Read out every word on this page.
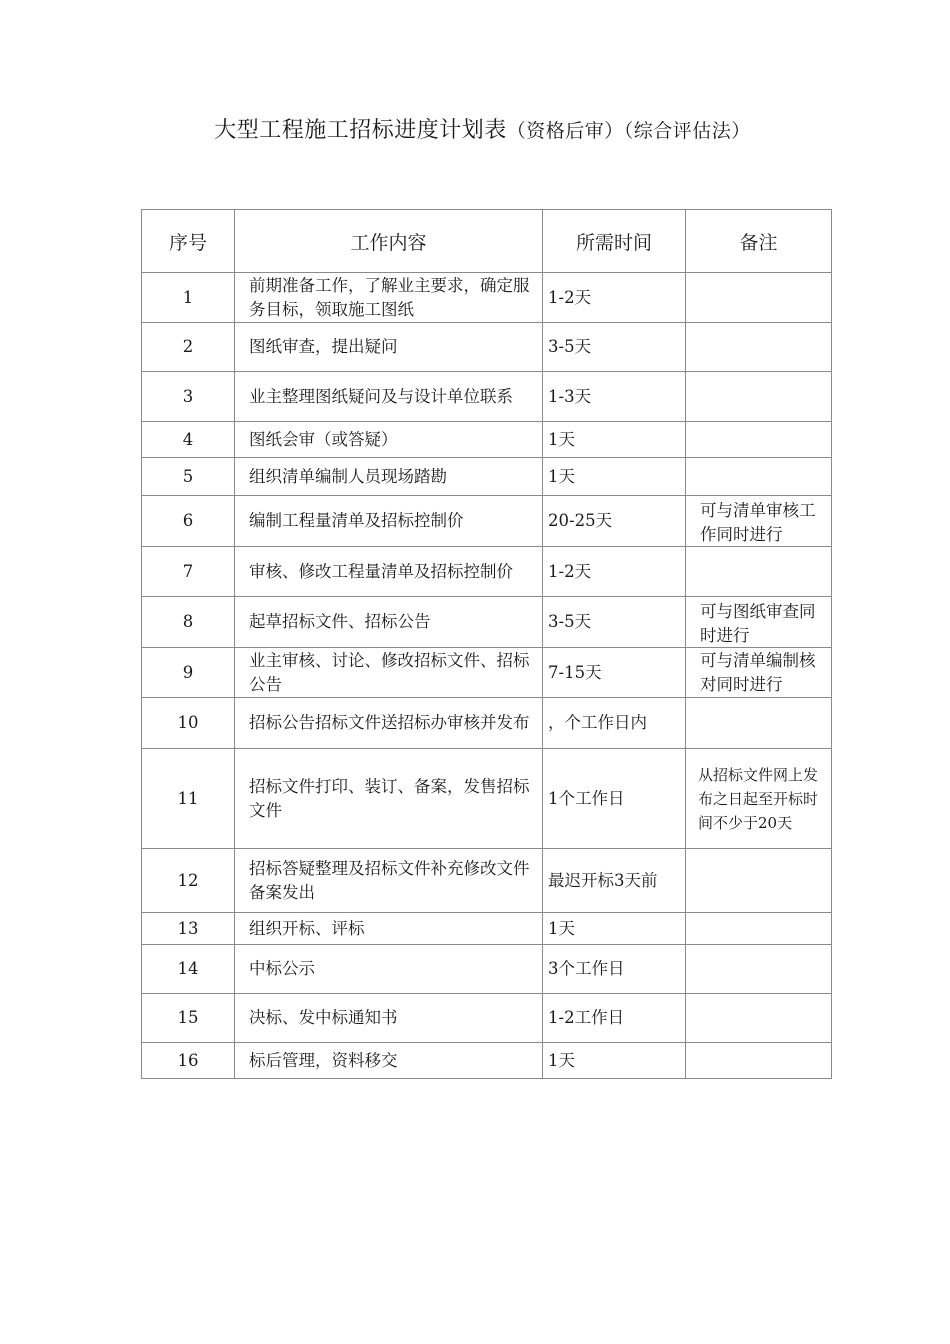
大型工程施工招标进度计划表（资格后审）（综合评估法）
序号	工作内容	所需时间	备注
1	前期准备工作，了解业主要求，确定服务目标，领取施工图纸	1-2天	
2	图纸审查，提出疑问	3-5天	
3	业主整理图纸疑问及与设计单位联系	1-3天	
4	图纸会审（或答疑）	1天	
5	组织清单编制人员现场踏勘	1天	
6	编制工程量清单及招标控制价	20-25天	可与清单审核工作同时进行

7	审核、修改工程量清单及招标控制价	1-2天	
8	起草招标文件、招标公告	3-5天	可与图纸审查同时进行

9	业主审核、讨论、修改招标文件、招标公告	7-15天	可与清单编制核对同时进行
10	招标公告招标文件送招标办审核并发布	，个工作日内	
11	招标文件打印、装订、备案，发售招标文件	1个工作日	从招标文件网上发布之日起至开标时间不少于20天
12	招标答疑整理及招标文件补充修改文件备案发出	最迟开标3天前	
13	组织开标、评标	1天	
14	中标公示	3个工作日	
15	决标、发中标通知书	1-2工作日	
16	标后管理，资料移交	1天	
